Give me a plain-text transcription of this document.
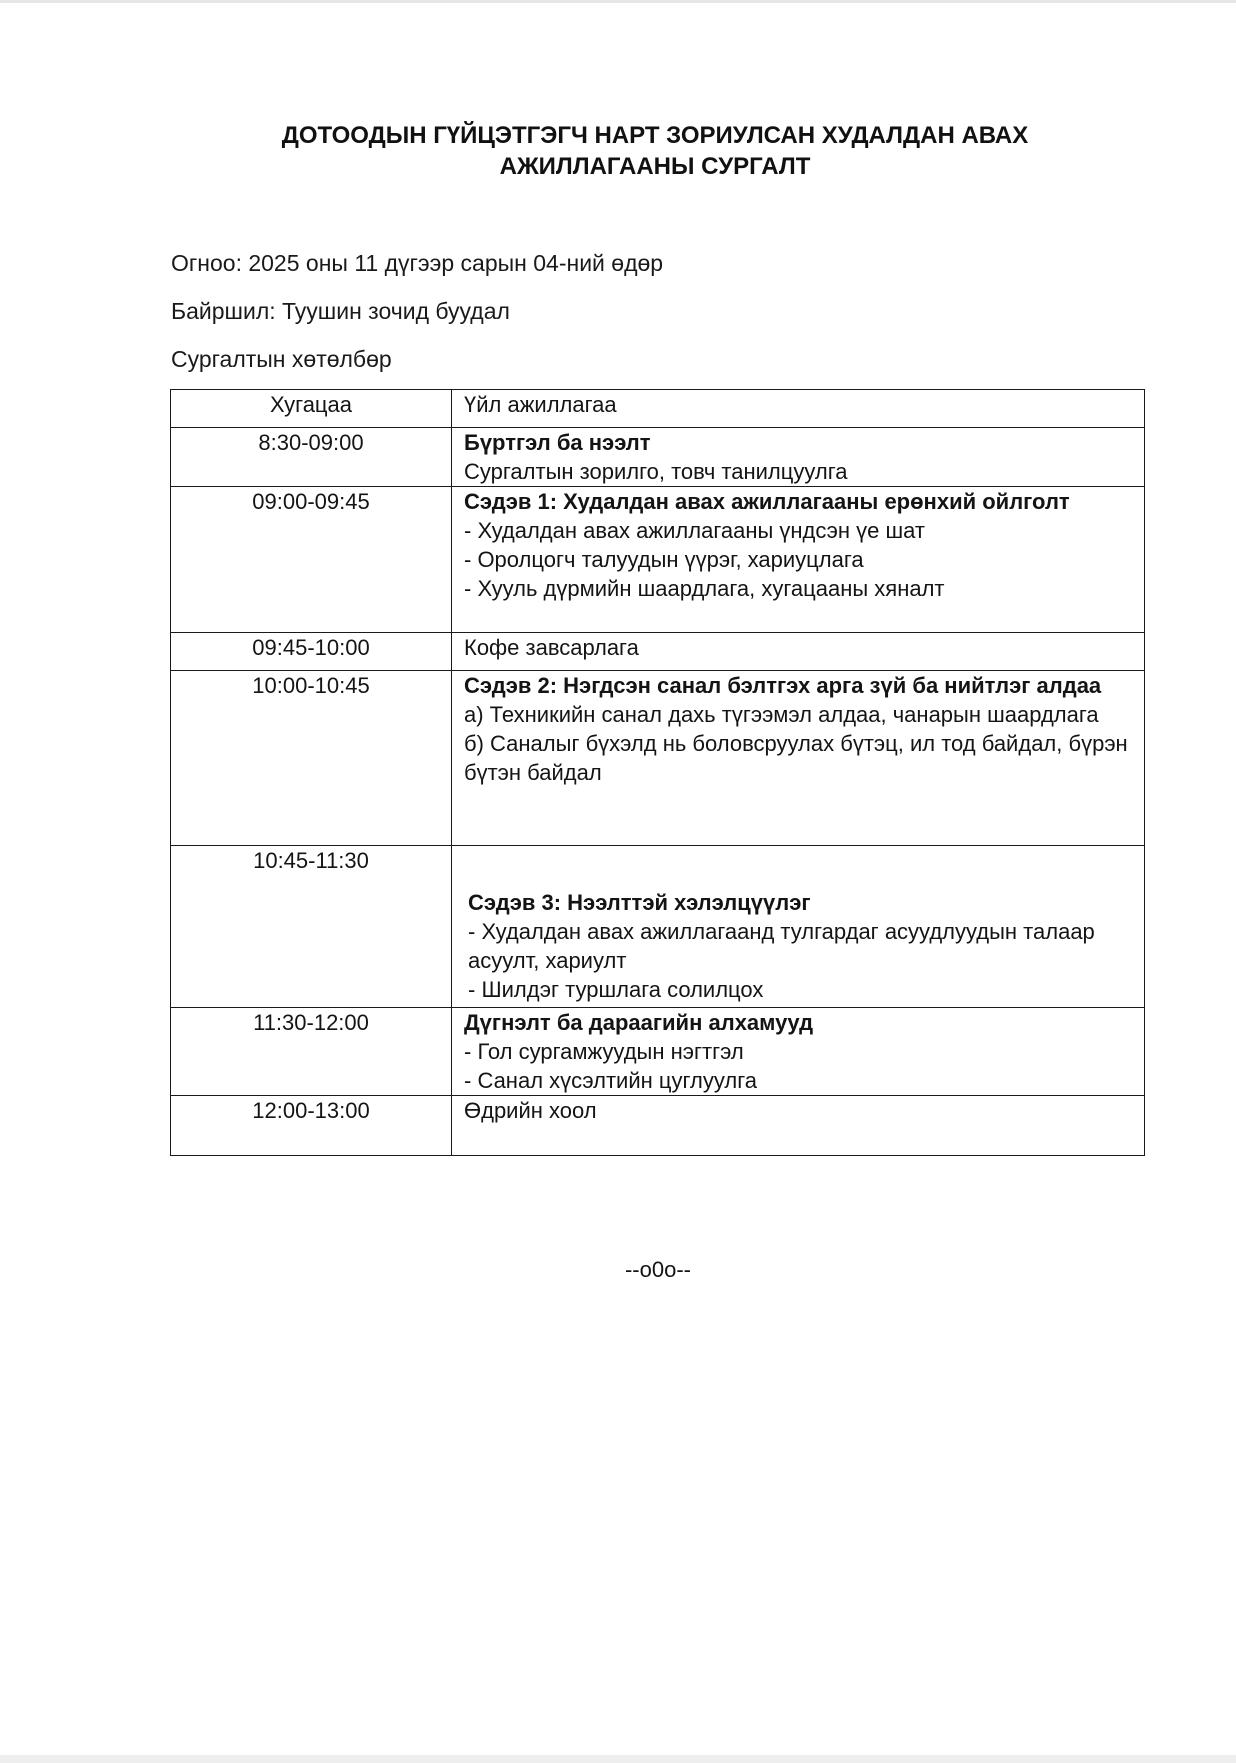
ДОТООДЫН ГҮЙЦЭТГЭГЧ НАРТ ЗОРИУЛСАН ХУДАЛДАН АВАХ
АЖИЛЛАГААНЫ СУРГАЛТ
Огноо: 2025 оны 11 дүгээр сарын 04-ний өдөр
Байршил: Туушин зочид буудал
Сургалтын хөтөлбөр
Хугацаа	Үйл ажиллагаа
8:30-09:00	Бүртгэл ба нээлт
Сургалтын зорилго, товч танилцуулга

09:00-09:45	Сэдэв 1: Худалдан авах ажиллагааны ерөнхий ойлголт
- Худалдан авах ажиллагааны үндсэн үе шат
- Оролцогч талуудын үүрэг, хариуцлага
- Хууль дүрмийн шаардлага, хугацааны хяналт

09:45-10:00	Кофе завсарлага

10:00-10:45	Сэдэв 2: Нэгдсэн санал бэлтгэх арга зүй ба нийтлэг алдаа
а) Техникийн санал дахь түгээмэл алдаа, чанарын шаардлага
б) Саналыг бүхэлд нь боловсруулах бүтэц, ил тод байдал, бүрэн бүтэн байдал

10:45-11:30	Сэдэв 3: Нээлттэй хэлэлцүүлэг
- Худалдан авах ажиллагаанд тулгардаг асуудлуудын талаар асуулт, хариулт
- Шилдэг туршлага солилцох

11:30-12:00	Дүгнэлт ба дараагийн алхамууд
- Гол сургамжуудын нэгтгэл
- Санал хүсэлтийн цуглуулга

12:00-13:00	Өдрийн хоол
--o0o--
